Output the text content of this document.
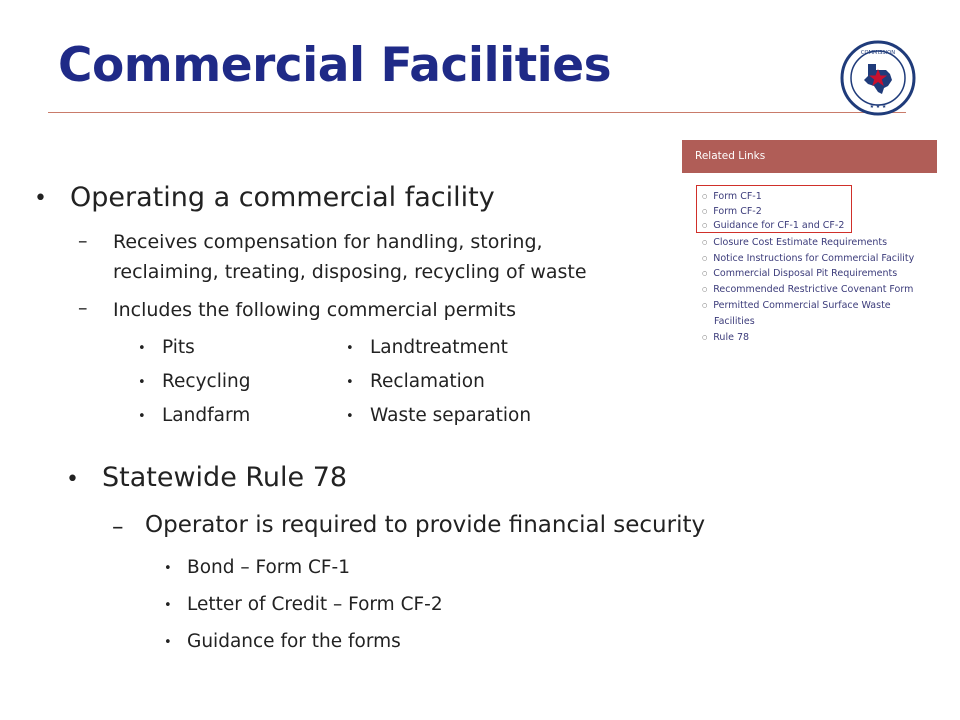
Commercial Facilities	COMMISSION
★ ★ ★
• Operating a commercial facility
– Receives compensation for handling, storing,
reclaiming, treating, disposing, recycling of waste
– Includes the following commercial permits
• Pits
• Recycling
• Landfarm
• Landtreatment
• Reclamation
• Waste separation
• Statewide Rule 78
– Operator is required to provide financial security
• Bond – Form CF-1
• Letter of Credit – Form CF-2
• Guidance for the forms
Related Links
○ Form CF-1
○ Form CF-2
○ Guidance for CF-1 and CF-2
○ Closure Cost Estimate Requirements
○ Notice Instructions for Commercial Facility
○ Commercial Disposal Pit Requirements
○ Recommended Restrictive Covenant Form
○ Permitted Commercial Surface Waste
Facilities
○ Rule 78
